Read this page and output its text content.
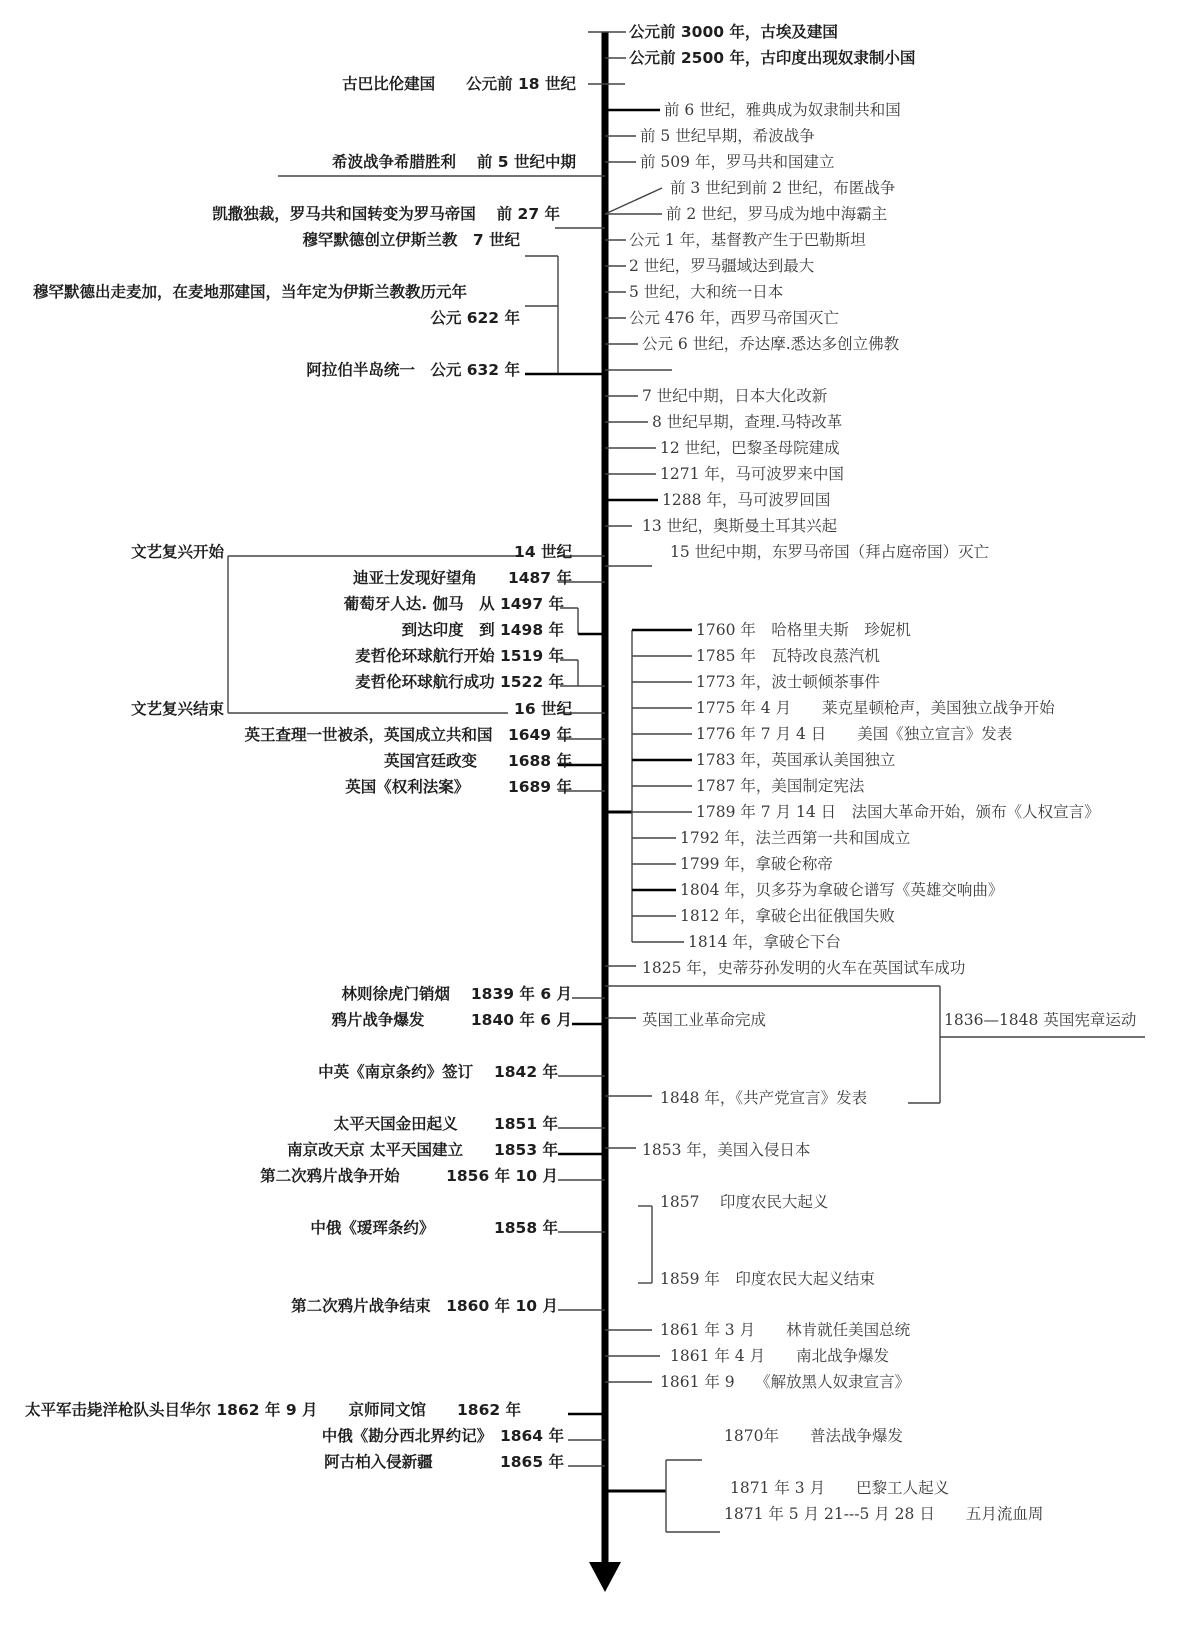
古巴比伦建国　　公元前 18 世纪
希波战争希腊胜利　 前 5 世纪中期
凯撒独裁，罗马共和国转变为罗马帝国　 前 27 年
穆罕默德创立伊斯兰教　7 世纪
穆罕默德出走麦加，在麦地那建国，当年定为伊斯兰教教历元年
公元 622 年
阿拉伯半岛统一　公元 632 年
文艺复兴开始	14 世纪
迪亚士发现好望角　　1487 年
葡萄牙人达. 伽马　从 1497 年
到达印度　到 1498 年
麦哲伦环球航行开始 1519 年
麦哲伦环球航行成功 1522 年
文艺复兴结束	16 世纪
英王查理一世被杀，英国成立共和国　1649 年
英国宫廷政变　　1688 年
英国《权利法案》　　　1689 年
林则徐虎门销烟　 1839 年 6 月
鸦片战争爆发　　　1840 年 6 月
中英《南京条约》签订　 1842 年
太平天国金田起义　　 1851 年
南京改天京 太平天国建立　　1853 年
第二次鸦片战争开始　　　1856 年 10 月
中俄《瑷珲条约》　　　　 1858 年
第二次鸦片战争结束　1860 年 10 月
太平军击毙洋枪队头目华尔 1862 年 9 月　　京师同文馆　　1862 年
中俄《勘分西北界约记》　1864 年
阿古柏入侵新疆　　　　 1865 年
公元前 3000 年，古埃及建国
公元前 2500 年，古印度出现奴隶制小国
前 6 世纪，雅典成为奴隶制共和国
前 5 世纪早期，希波战争
前 509 年，罗马共和国建立
前 3 世纪到前 2 世纪，布匿战争
前 2 世纪，罗马成为地中海霸主
公元 1 年，基督教产生于巴勒斯坦
2 世纪，罗马疆域达到最大
5 世纪，大和统一日本
公元 476 年，西罗马帝国灭亡
公元 6 世纪，乔达摩.悉达多创立佛教
7 世纪中期，日本大化改新
8 世纪早期，查理.马特改革
12 世纪，巴黎圣母院建成
1271 年，马可波罗来中国
1288 年，马可波罗回国
13 世纪，奥斯曼土耳其兴起
15 世纪中期，东罗马帝国（拜占庭帝国）灭亡
1760 年　哈格里夫斯　珍妮机
1785 年　瓦特改良蒸汽机
1773 年，波士顿倾茶事件
1775 年 4 月　　莱克星顿枪声，美国独立战争开始
1776 年 7 月 4 日　　美国《独立宣言》发表
1783 年，英国承认美国独立
1787 年，美国制定宪法
1789 年 7 月 14 日　法国大革命开始，颁布《人权宣言》
1792 年，法兰西第一共和国成立
1799 年，拿破仑称帝
1804 年，贝多芬为拿破仑谱写《英雄交响曲》
1812 年，拿破仑出征俄国失败
1814 年，拿破仑下台
1825 年，史蒂芬孙发明的火车在英国试车成功
英国工业革命完成	1836—1848 英国宪章运动
1848 年，《共产党宣言》发表
1853 年，美国入侵日本
1857　 印度农民大起义
1859 年　印度农民大起义结束
1861 年 3 月　　林肯就任美国总统
1861 年 4 月　　南北战争爆发
1861 年 9　 《解放黑人奴隶宣言》
1870年　　普法战争爆发
1871 年 3 月　　巴黎工人起义
1871 年 5 月 21---5 月 28 日　　五月流血周
